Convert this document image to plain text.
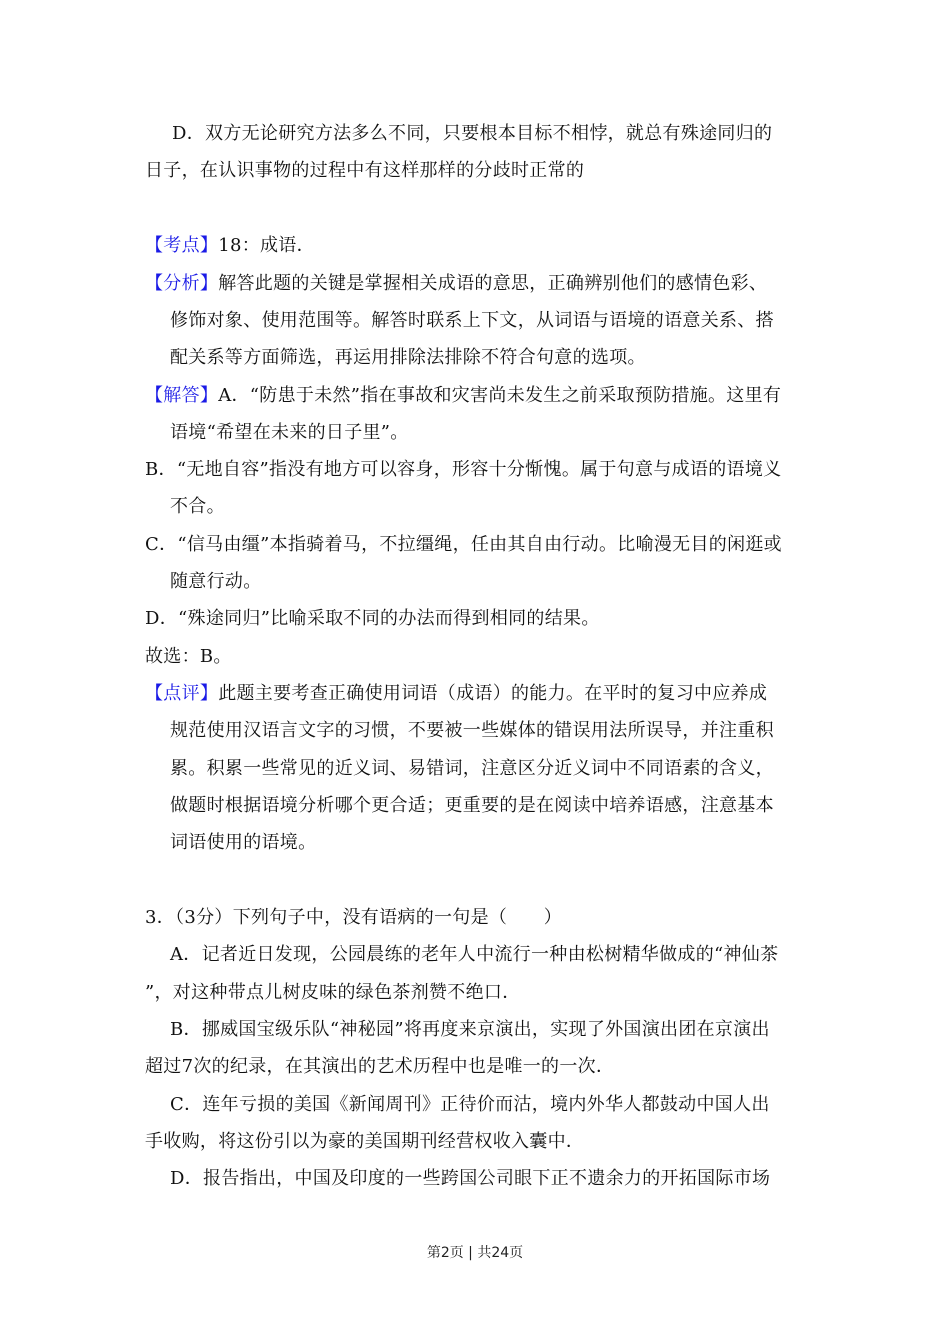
D．双方无论研究方法多么不同，只要根本目标不相悖，就总有殊途同归的
日子，在认识事物的过程中有这样那样的分歧时正常的
【考点】18：成语．
【分析】解答此题的关键是掌握相关成语的意思，正确辨别他们的感情色彩、
修饰对象、使用范围等。解答时联系上下文，从词语与语境的语意关系、搭
配关系等方面筛选，再运用排除法排除不符合句意的选项。
【解答】A．“防患于未然”指在事故和灾害尚未发生之前采取预防措施。这里有
语境“希望在未来的日子里”。
B．“无地自容”指没有地方可以容身，形容十分惭愧。属于句意与成语的语境义
不合。
C．“信马由缰”本指骑着马，不拉缰绳，任由其自由行动。比喻漫无目的闲逛或
随意行动。
D．“殊途同归”比喻采取不同的办法而得到相同的结果。
故选：B。
【点评】此题主要考查正确使用词语（成语）的能力。在平时的复习中应养成
规范使用汉语言文字的习惯，不要被一些媒体的错误用法所误导，并注重积
累。积累一些常见的近义词、易错词，注意区分近义词中不同语素的含义，
做题时根据语境分析哪个更合适；更重要的是在阅读中培养语感，注意基本
词语使用的语境。
3．（3分）下列句子中，没有语病的一句是（　　）
A．记者近日发现，公园晨练的老年人中流行一种由松树精华做成的“神仙茶
”，对这种带点儿树皮味的绿色茶剂赞不绝口．
B．挪威国宝级乐队“神秘园”将再度来京演出，实现了外国演出团在京演出
超过7次的纪录，在其演出的艺术历程中也是唯一的一次．
C．连年亏损的美国《新闻周刊》正待价而沽，境内外华人都鼓动中国人出
手收购，将这份引以为豪的美国期刊经营权收入囊中．
D．报告指出，中国及印度的一些跨国公司眼下正不遗余力的开拓国际市场
第2页 | 共24页
